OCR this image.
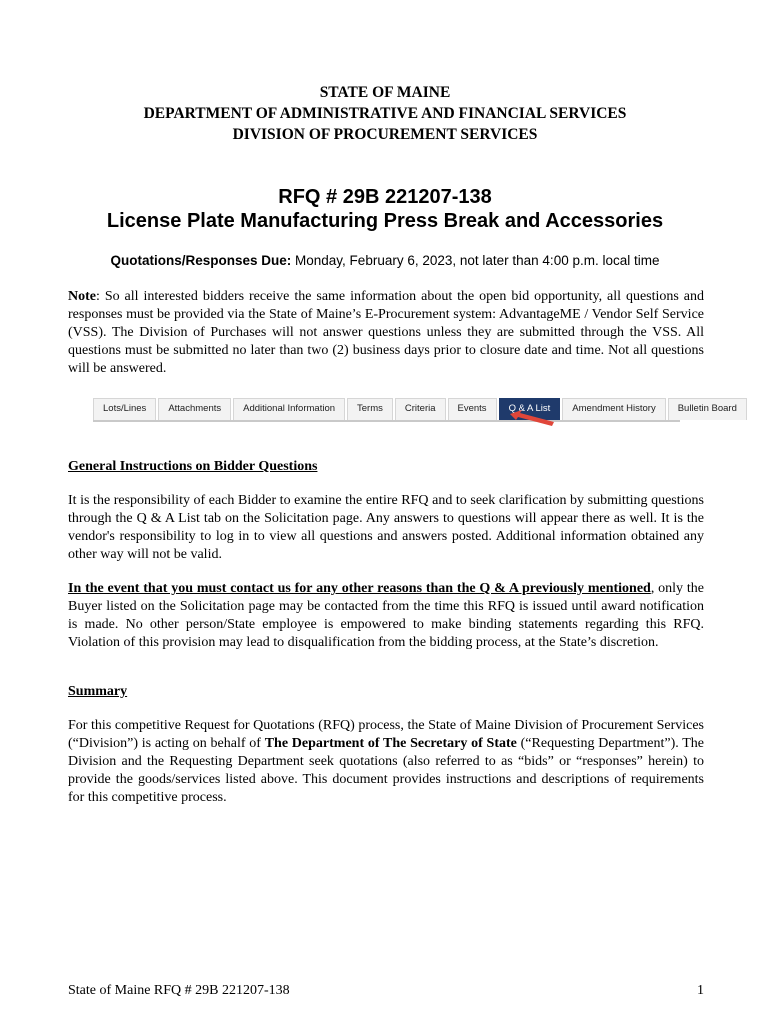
STATE OF MAINE
DEPARTMENT OF ADMINISTRATIVE AND FINANCIAL SERVICES
DIVISION OF PROCUREMENT SERVICES
RFQ # 29B 221207-138
License Plate Manufacturing Press Break and Accessories
Quotations/Responses Due: Monday, February 6, 2023, not later than 4:00 p.m. local time
Note: So all interested bidders receive the same information about the open bid opportunity, all questions and responses must be provided via the State of Maine’s E-Procurement system: AdvantageME / Vendor Self Service (VSS). The Division of Purchases will not answer questions unless they are submitted through the VSS. All questions must be submitted no later than two (2) business days prior to closure date and time. Not all questions will be answered.
Lots/Lines	Attachments	Additional Information	Terms	Criteria	Events	Q & A List	Amendment History	Bulletin Board
General Instructions on Bidder Questions
It is the responsibility of each Bidder to examine the entire RFQ and to seek clarification by submitting questions through the Q & A List tab on the Solicitation page. Any answers to questions will appear there as well. It is the vendor's responsibility to log in to view all questions and answers posted. Additional information obtained any other way will not be valid.
In the event that you must contact us for any other reasons than the Q & A previously mentioned, only the Buyer listed on the Solicitation page may be contacted from the time this RFQ is issued until award notification is made. No other person/State employee is empowered to make binding statements regarding this RFQ. Violation of this provision may lead to disqualification from the bidding process, at the State’s discretion.
Summary
For this competitive Request for Quotations (RFQ) process, the State of Maine Division of Procurement Services (“Division”) is acting on behalf of The Department of The Secretary of State (“Requesting Department”). The Division and the Requesting Department seek quotations (also referred to as “bids” or “responses” herein) to provide the goods/services listed above. This document provides instructions and descriptions of requirements for this competitive process.
State of Maine RFQ # 29B 221207-138	1
